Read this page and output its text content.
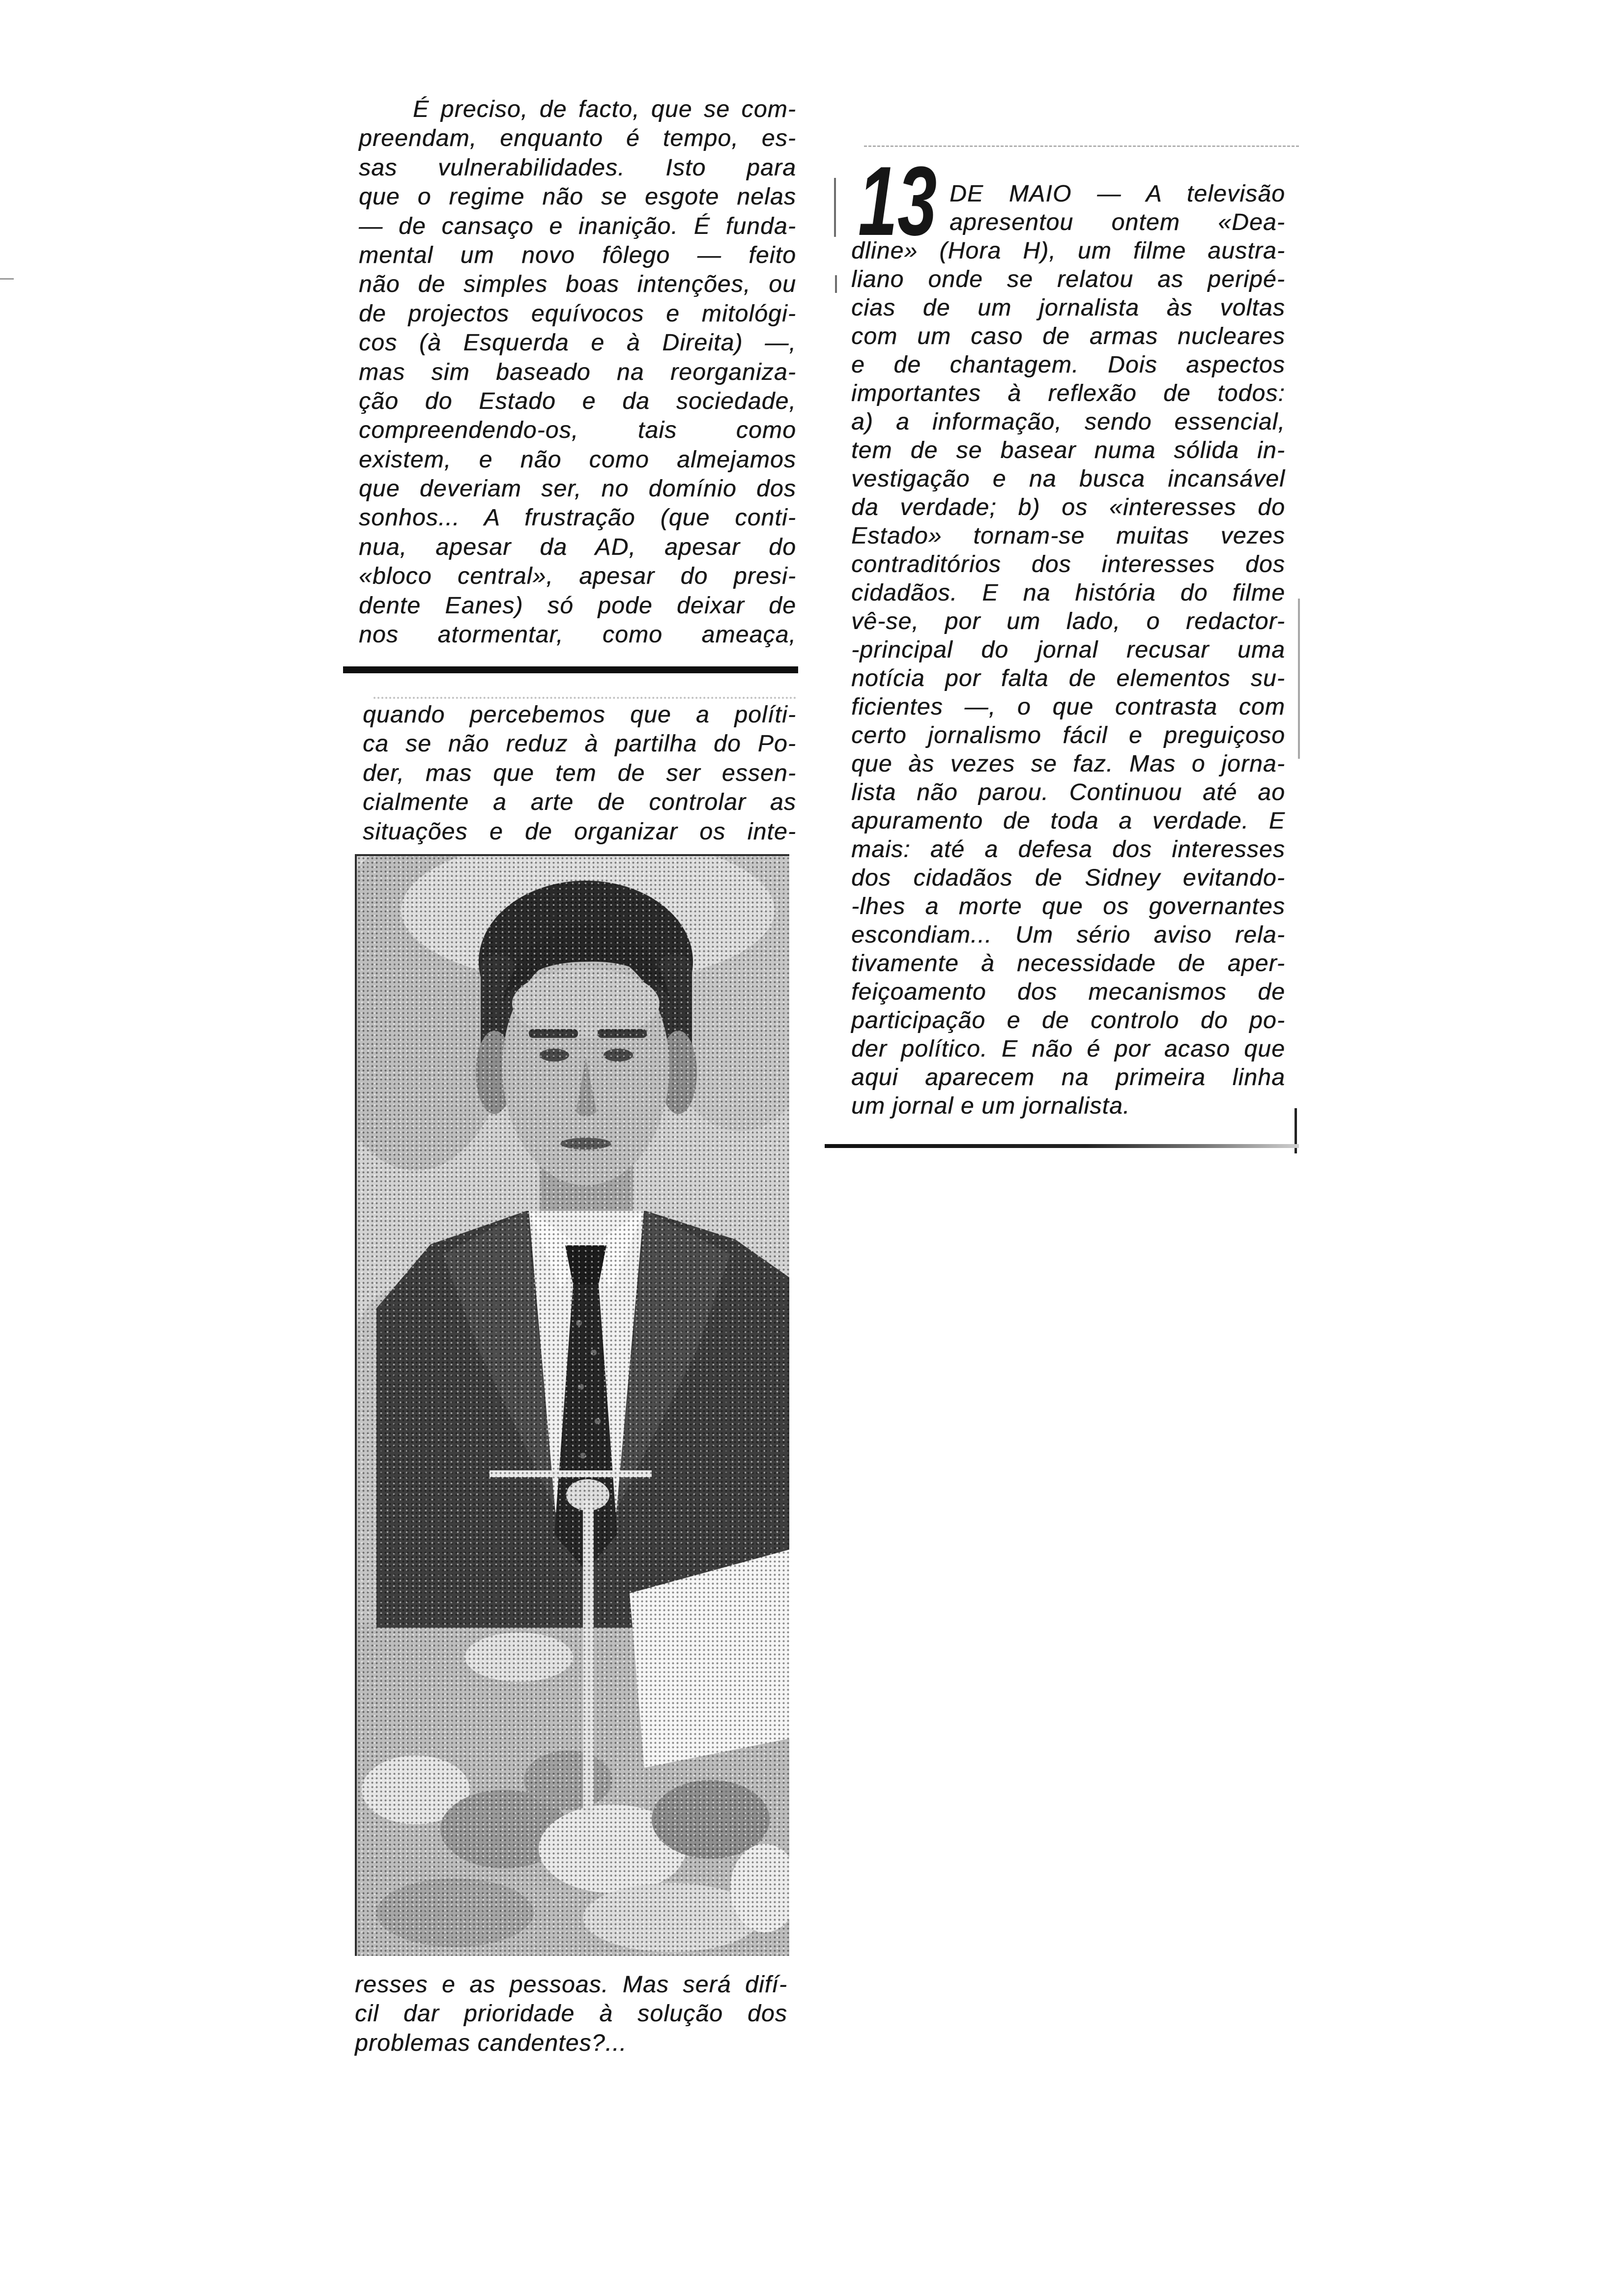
É preciso, de facto, que se com-
preendam, enquanto é tempo, es-
sas vulnerabilidades. Isto para
que o regime não se esgote nelas
— de cansaço e inanição. É funda-
mental um novo fôlego — feito
não de simples boas intenções, ou
de projectos equívocos e mitológi-
cos (à Esquerda e à Direita) —,
mas sim baseado na reorganiza-
ção do Estado e da sociedade,
compreendendo-os, tais como
existem, e não como almejamos
que deveriam ser, no domínio dos
sonhos... A frustração (que conti-
nua, apesar da AD, apesar do
«bloco central», apesar do presi-
dente Eanes) só pode deixar de
nos atormentar, como ameaça,
quando percebemos que a políti-
ca se não reduz à partilha do Po-
der, mas que tem de ser essen-
cialmente a arte de controlar as
situações e de organizar os inte-
resses e as pessoas. Mas será difí-
cil dar prioridade à solução dos
problemas candentes?...
13 DE MAIO — A televisão
apresentou ontem «Dea-
dline» (Hora H), um filme austra-
liano onde se relatou as peripé-
cias de um jornalista às voltas
com um caso de armas nucleares
e de chantagem. Dois aspectos
importantes à reflexão de todos:
a) a informação, sendo essencial,
tem de se basear numa sólida in-
vestigação e na busca incansável
da verdade; b) os «interesses do
Estado» tornam-se muitas vezes
contraditórios dos interesses dos
cidadãos. E na história do filme
vê-se, por um lado, o redactor-
-principal do jornal recusar uma
notícia por falta de elementos su-
ficientes —, o que contrasta com
certo jornalismo fácil e preguiçoso
que às vezes se faz. Mas o jorna-
lista não parou. Continuou até ao
apuramento de toda a verdade. E
mais: até a defesa dos interesses
dos cidadãos de Sidney evitando-
-lhes a morte que os governantes
escondiam... Um sério aviso rela-
tivamente à necessidade de aper-
feiçoamento dos mecanismos de
participação e de controlo do po-
der político. E não é por acaso que
aqui aparecem na primeira linha
um jornal e um jornalista.
